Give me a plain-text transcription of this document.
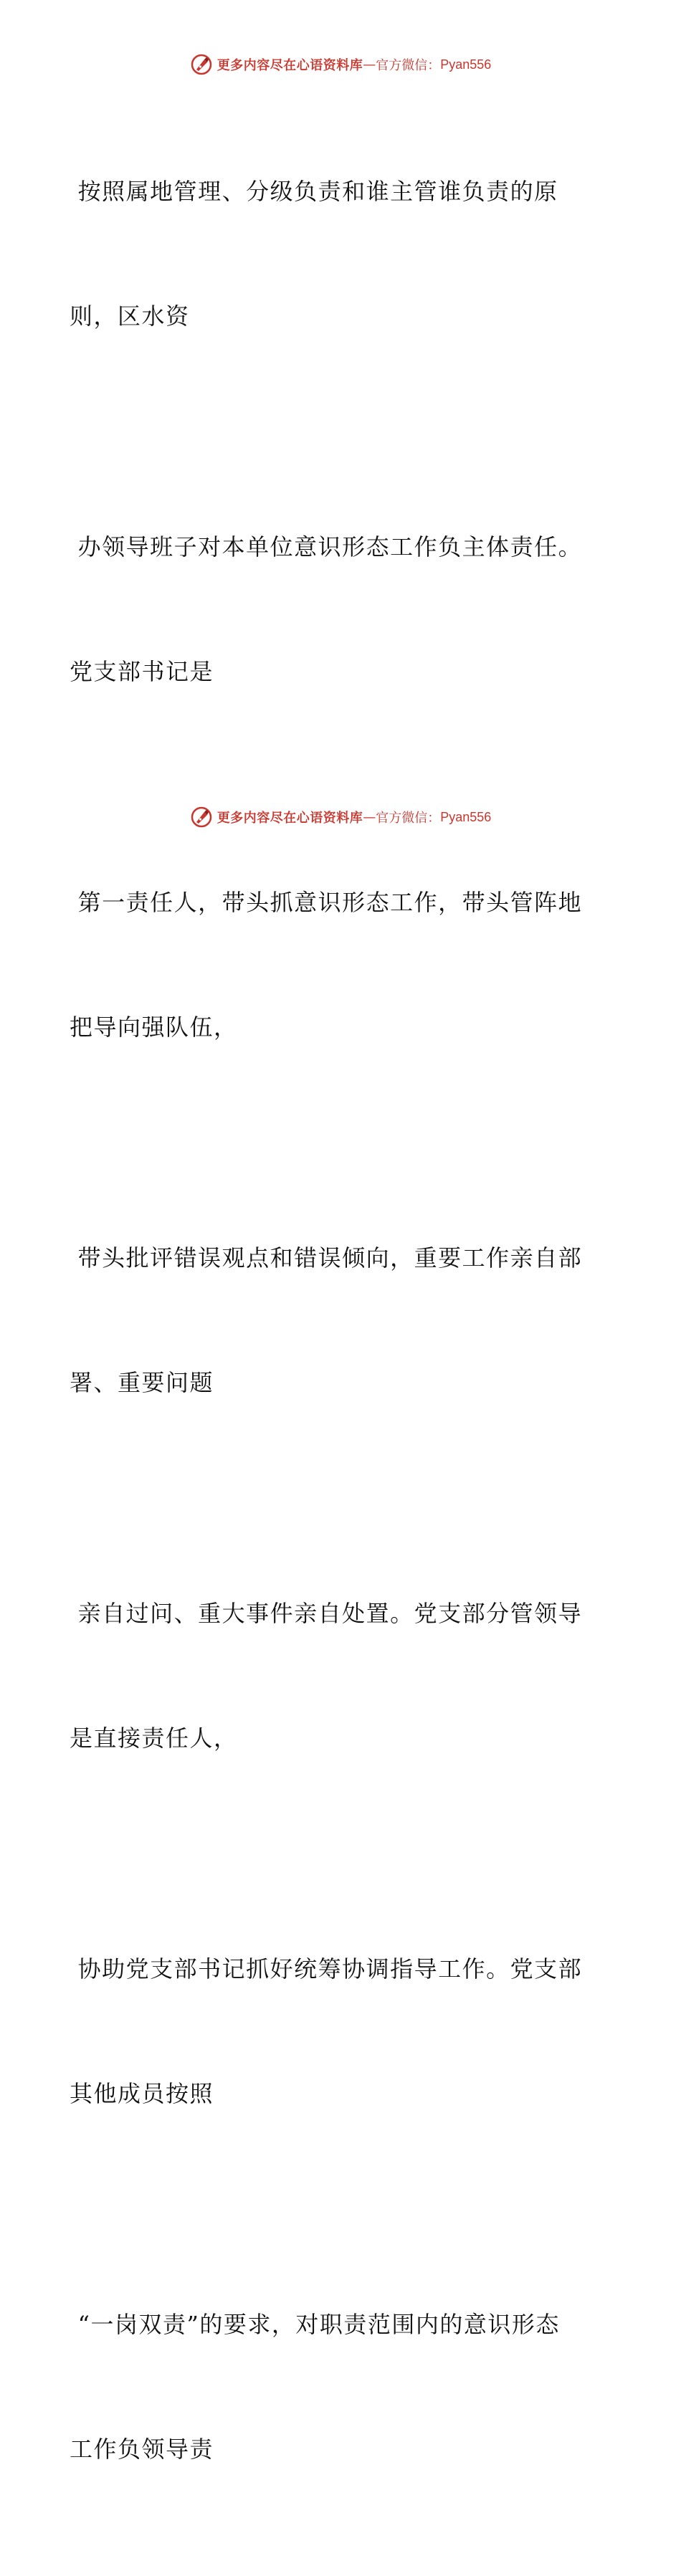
更多内容尽在心语资料库 — 官方微信： Pyan556

按照属地管理、分级负责和谁主管谁负责的原

则，区水资

办领导班子对本单位意识形态工作负主体责任。

党支部书记是

第一责任人，带头抓意识形态工作，带头管阵地

把导向强队伍，

带头批评错误观点和错误倾向，重要工作亲自部

署、重要问题

亲自过问、重大事件亲自处置。党支部分管领导

是直接责任人，

协助党支部书记抓好统筹协调指导工作。党支部

其他成员按照

“一岗双责”的要求，对职责范围内的意识形态

工作负领导责

更多内容尽在心语资料库 — 官方微信： Pyan556
